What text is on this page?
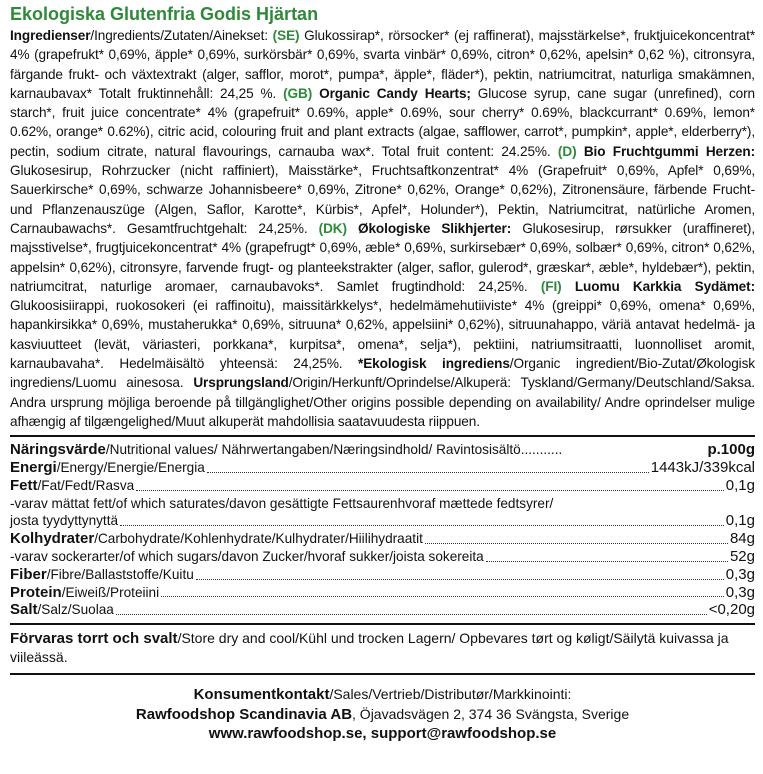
Ekologiska Glutenfria Godis Hjärtan
Ingredienser/Ingredients/Zutaten/Ainekset: (SE) Glukossirap*, rörsocker* (ej raffinerat), majsstärkelse*, fruktjuicekoncentrat* 4% (grapefrukt* 0,69%, äpple* 0,69%, surkörsbär* 0,69%, svarta vinbär* 0,69%, citron* 0,62%, apelsin* 0,62 %), citronsyra, färgande frukt- och växtextrakt (alger, safflor, morot*, pumpa*, äpple*, fläder*), pektin, natriumcitrat, naturliga smakämnen, karnaubavax* Totalt fruktinnehåll: 24,25 %. (GB) Organic Candy Hearts; Glucose syrup, cane sugar (unrefined), corn starch*, fruit juice concentrate* 4% (grapefruit* 0.69%, apple* 0.69%, sour cherry* 0.69%, blackcurrant* 0.69%, lemon* 0.62%, orange* 0.62%), citric acid, colouring fruit and plant extracts (algae, safflower, carrot*, pumpkin*, apple*, elderberry*), pectin, sodium citrate, natural flavourings, carnauba wax*. Total fruit content: 24.25%. (D) Bio Fruchtgummi Herzen: Glukosesirup, Rohrzucker (nicht raffiniert), Maisstärke*, Fruchtsaftkonzentrat* 4% (Grapefruit* 0,69%, Apfel* 0,69%, Sauerkirsche* 0,69%, schwarze Johannisbeere* 0,69%, Zitrone* 0,62%, Orange* 0,62%), Zitronensäure, färbende Frucht- und Pflanzenauszüge (Algen, Saflor, Karotte*, Kürbis*, Apfel*, Holunder*), Pektin, Natriumcitrat, natürliche Aromen, Carnaubawachs*. Gesamtfruchtgehalt: 24,25%. (DK) Økologiske Slikhjerter: Glukosesirup, rørsukker (uraffineret), majsstivelse*, frugtjuicekoncentrat* 4% (grapefrugt* 0,69%, æble* 0,69%, surkirsebær* 0,69%, solbær* 0,69%, citron* 0,62%, appelsin* 0,62%), citronsyre, farvende frugt- og planteekstrakter (alger, saflor, gulerod*, græskar*, æble*, hyldebær*), pektin, natriumcitrat, naturlige aromaer, carnaubavoks*. Samlet frugtindhold: 24,25%. (FI) Luomu Karkkia Sydämet: Glukoosisiirappi, ruokosokeri (ei raffinoitu), maissitärkkelys*, hedelmämehutiiviste* 4% (greippi* 0,69%, omena* 0,69%, hapankirsikka* 0,69%, mustaherukka* 0,69%, sitruuna* 0,62%, appelsiini* 0,62%), sitruunahappo, väriä antavat hedelmä- ja kasviuutteet (levät, väriasteri, porkkana*, kurpitsa*, omena*, selja*), pektiini, natriumsitraatti, luonnolliset aromit, karnaubavaha*. Hedelmäisältö yhteensä: 24,25%. *Ekologisk ingrediens/Organic ingredient/Bio-Zutat/Økologisk ingrediens/Luomu ainesosa. Ursprungsland/Origin/Herkunft/Oprindelse/Alkuperä: Tyskland/Germany/Deutschland/Saksa. Andra ursprung möjliga beroende på tillgänglighet/Other origins possible depending on availability/ Andre oprindelser mulige afhængig af tilgængelighed/Muut alkuperät mahdollisia saatavuudesta riippuen.
Näringsvärde/Nutritional values/ Nährwertangaben/Næringsindhold/ Ravintosisältö...........	p.100g
Energi/Energy/Energie/Energia	1443kJ/339kcal
Fett/Fat/Fedt/Rasva	0,1g
-varav mättat fett/of which saturates/davon gesättigte Fettsaurenhvoraf mættede fedtsyrer/
josta tyydyttynyttä	0,1g
Kolhydrater/Carbohydrate/Kohlenhydrate/Kulhydrater/Hiilihydraatit	84g
-varav sockerarter/of which sugars/davon Zucker/hvoraf sukker/joista sokereita	52g
Fiber/Fibre/Ballaststoffe/Kuitu	0,3g
Protein/Eiweiß/Proteiini	0,3g
Salt/Salz/Suolaa	<0,20g
Förvaras torrt och svalt/Store dry and cool/Kühl und trocken Lagern/ Opbevares tørt og køligt/Säilytä kuivassa ja viileässä.
Konsumentkontakt/Sales/Vertrieb/Distributør/Markkinointi:
Rawfoodshop Scandinavia AB, Öjavadsvägen 2, 374 36 Svängsta, Sverige
www.rawfoodshop.se, support@rawfoodshop.se
